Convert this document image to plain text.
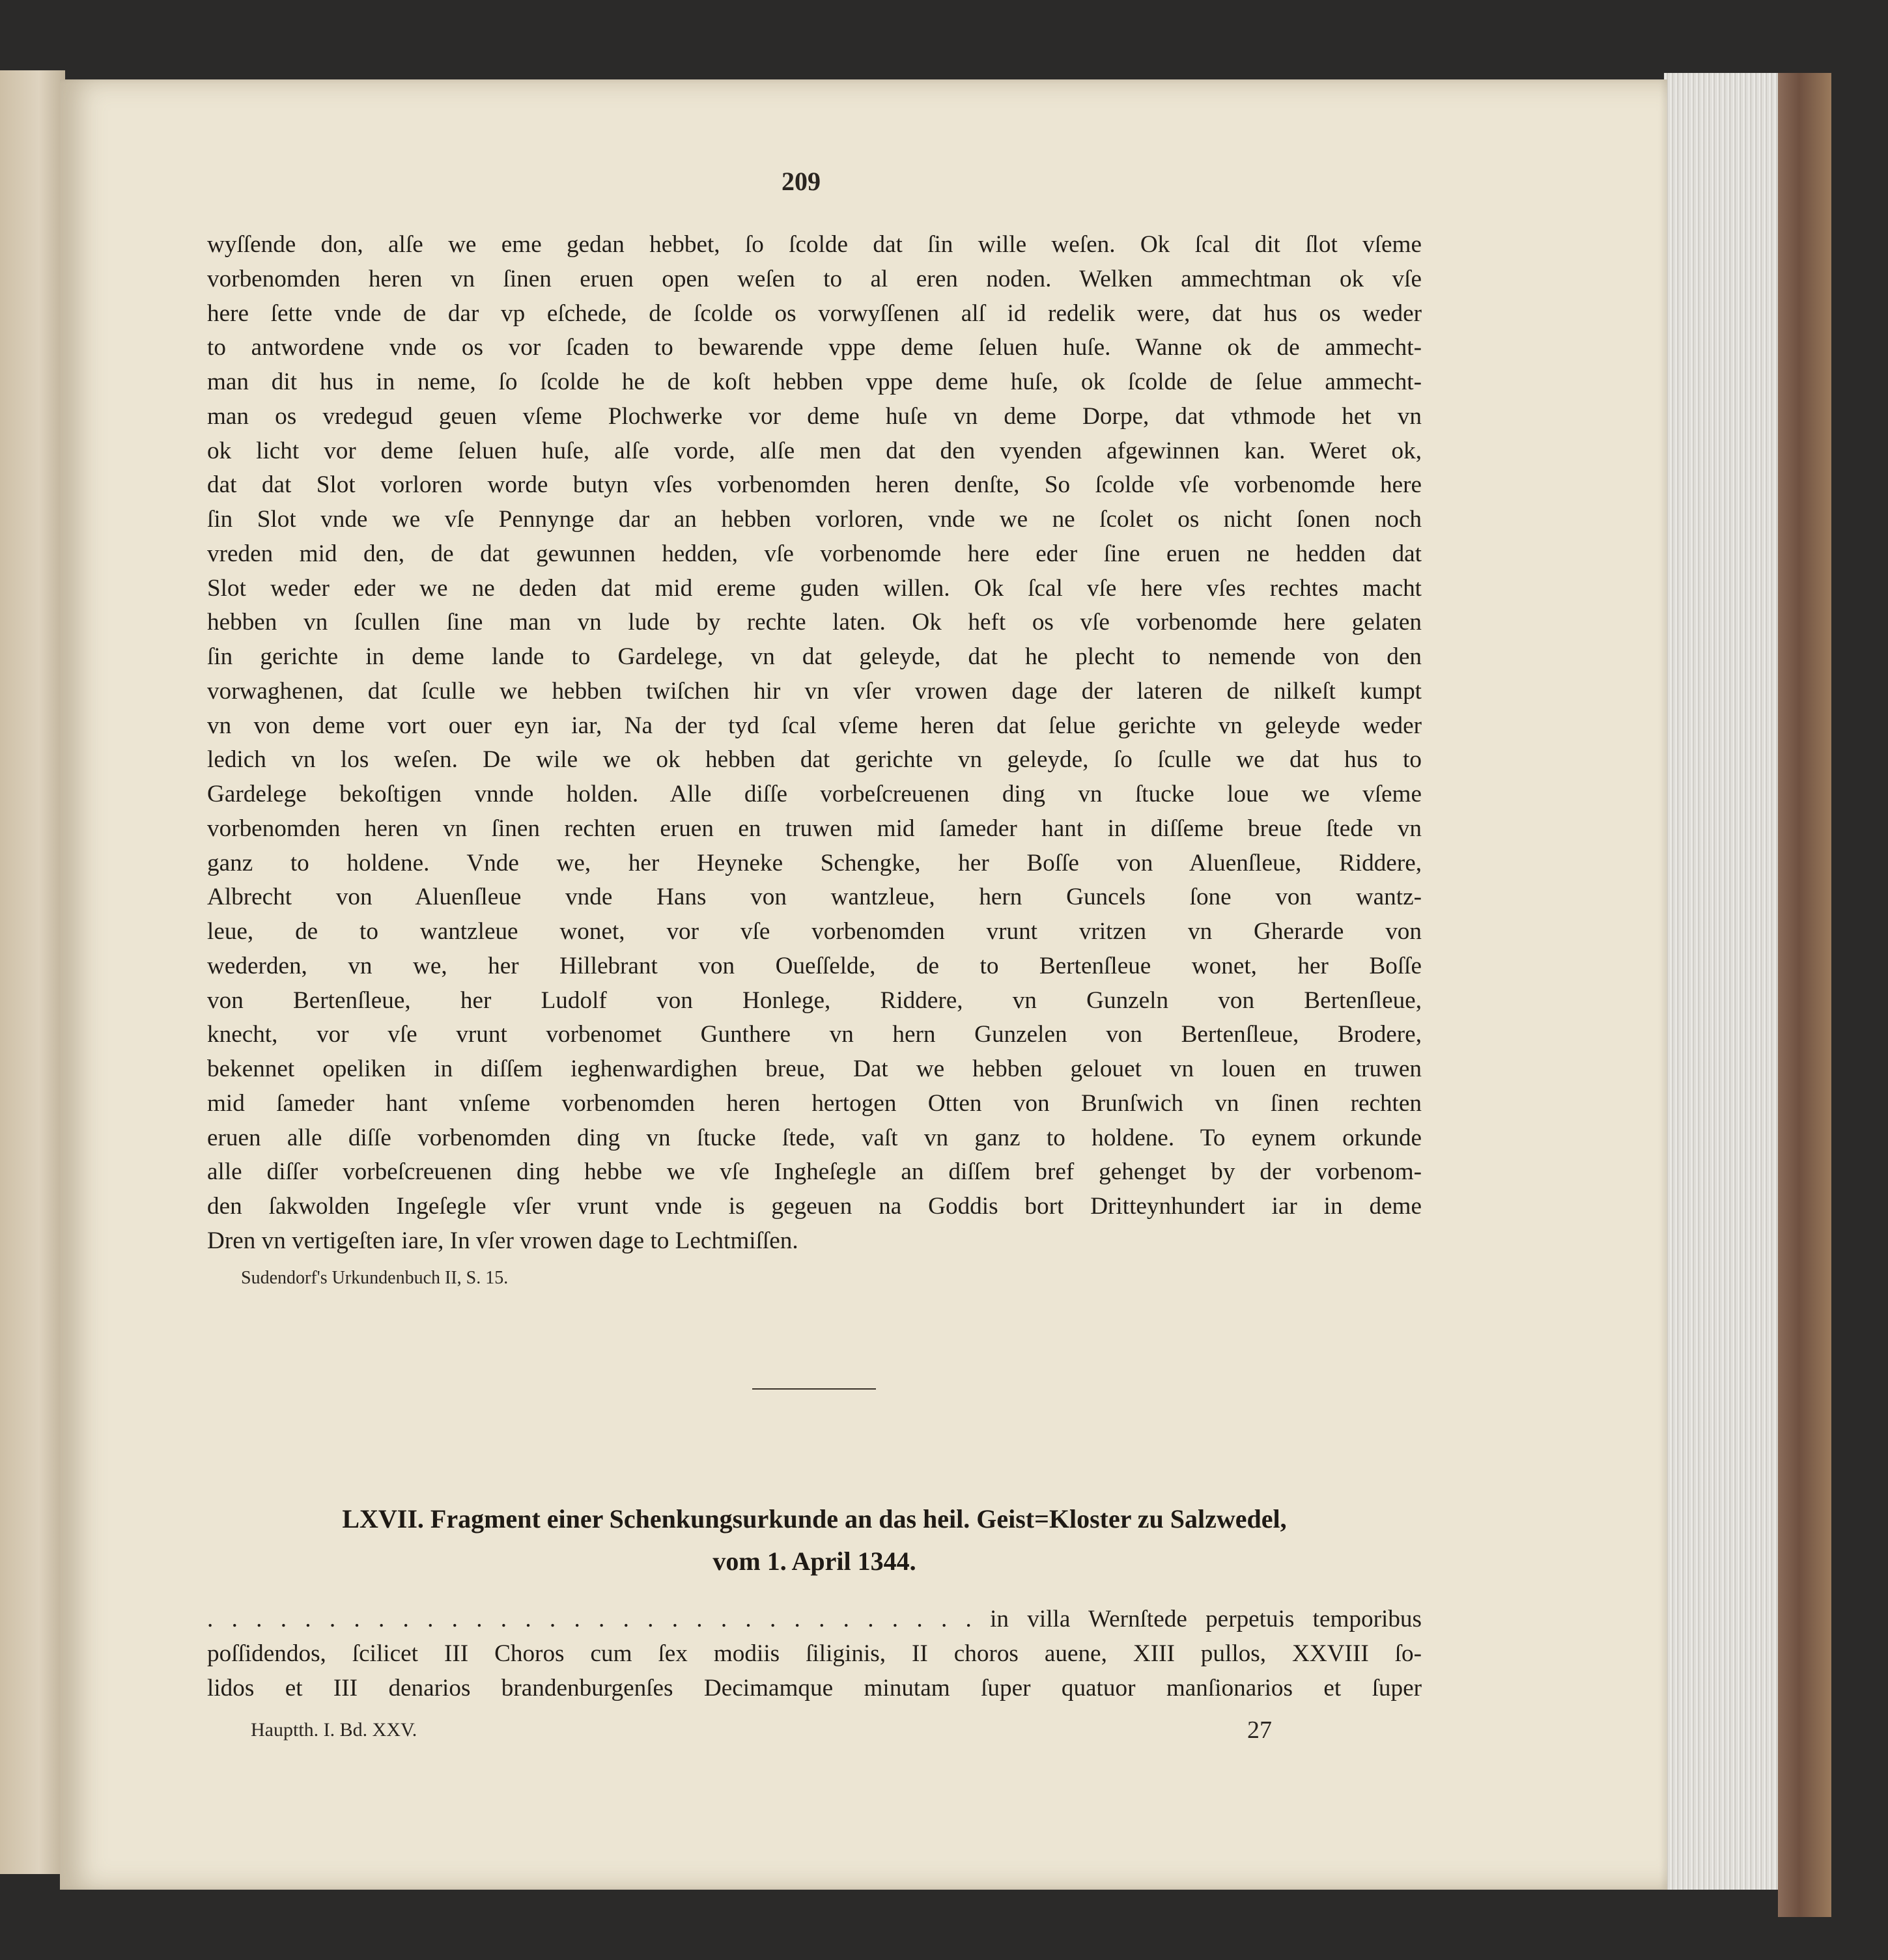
209
wyſſende don, alſe we eme gedan hebbet, ſo ſcolde dat ſin wille weſen. Ok ſcal dit ſlot vſeme
vorbenomden heren vn ſinen eruen open weſen to al eren noden. Welken ammechtman ok vſe
here ſette vnde de dar vp eſchede, de ſcolde os vorwyſſenen alſ id redelik were, dat hus os weder
to antwordene vnde os vor ſcaden to bewarende vppe deme ſeluen huſe. Wanne ok de ammecht-
man dit hus in neme, ſo ſcolde he de koſt hebben vppe deme huſe, ok ſcolde de ſelue ammecht-
man os vredegud geuen vſeme Plochwerke vor deme huſe vn deme Dorpe, dat vthmode het vn
ok licht vor deme ſeluen huſe, alſe vorde, alſe men dat den vyenden afgewinnen kan. Weret ok,
dat dat Slot vorloren worde butyn vſes vorbenomden heren denſte, So ſcolde vſe vorbenomde here
ſin Slot vnde we vſe Pennynge dar an hebben vorloren, vnde we ne ſcolet os nicht ſonen noch
vreden mid den, de dat gewunnen hedden, vſe vorbenomde here eder ſine eruen ne hedden dat
Slot weder eder we ne deden dat mid ereme guden willen. Ok ſcal vſe here vſes rechtes macht
hebben vn ſcullen ſine man vn lude by rechte laten. Ok heft os vſe vorbenomde here gelaten
ſin gerichte in deme lande to Gardelege, vn dat geleyde, dat he plecht to nemende von den
vorwaghenen, dat ſculle we hebben twiſchen hir vn vſer vrowen dage der lateren de nilkeſt kumpt
vn von deme vort ouer eyn iar, Na der tyd ſcal vſeme heren dat ſelue gerichte vn geleyde weder
ledich vn los weſen. De wile we ok hebben dat gerichte vn geleyde, ſo ſculle we dat hus to
Gardelege bekoſtigen vnnde holden. Alle diſſe vorbeſcreuenen ding vn ſtucke loue we vſeme
vorbenomden heren vn ſinen rechten eruen en truwen mid ſameder hant in diſſeme breue ſtede vn
ganz to holdene. Vnde we, her Heyneke Schengke, her Boſſe von Aluenſleue, Riddere,
Albrecht von Aluenſleue vnde Hans von wantzleue, hern Guncels ſone von wantz-
leue, de to wantzleue wonet, vor vſe vorbenomden vrunt vritzen vn Gherarde von
wederden, vn we, her Hillebrant von Oueſſelde, de to Bertenſleue wonet, her Boſſe
von Bertenſleue, her Ludolf von Honlege, Riddere, vn Gunzeln von Bertenſleue,
knecht, vor vſe vrunt vorbenomet Gunthere vn hern Gunzelen von Bertenſleue, Brodere,
bekennet opeliken in diſſem ieghenwardighen breue, Dat we hebben gelouet vn louen en truwen
mid ſameder hant vnſeme vorbenomden heren hertogen Otten von Brunſwich vn ſinen rechten
eruen alle diſſe vorbenomden ding vn ſtucke ſtede, vaſt vn ganz to holdene. To eynem orkunde
alle diſſer vorbeſcreuenen ding hebbe we vſe Ingheſegle an diſſem bref gehenget by der vorbenom-
den ſakwolden Ingeſegle vſer vrunt vnde is gegeuen na Goddis bort Dritteynhundert iar in deme
Dren vn vertigeſten iare, In vſer vrowen dage to Lechtmiſſen.
Sudendorf's Urkundenbuch II, S. 15.
LXVII. Fragment einer Schenkungsurkunde an das heil. Geist=Kloster zu Salzwedel,
vom 1. April 1344.
. . . . . . . . . . . . . . . . . . . . . . . . . . . . . . . . in villa Wernſtede perpetuis temporibus
poſſidendos, ſcilicet III Choros cum ſex modiis ſiliginis, II choros auene, XIII pullos, XXVIII ſo-
lidos et III denarios brandenburgenſes Decimamque minutam ſuper quatuor manſionarios et ſuper
Hauptth. I. Bd. XXV.	27
